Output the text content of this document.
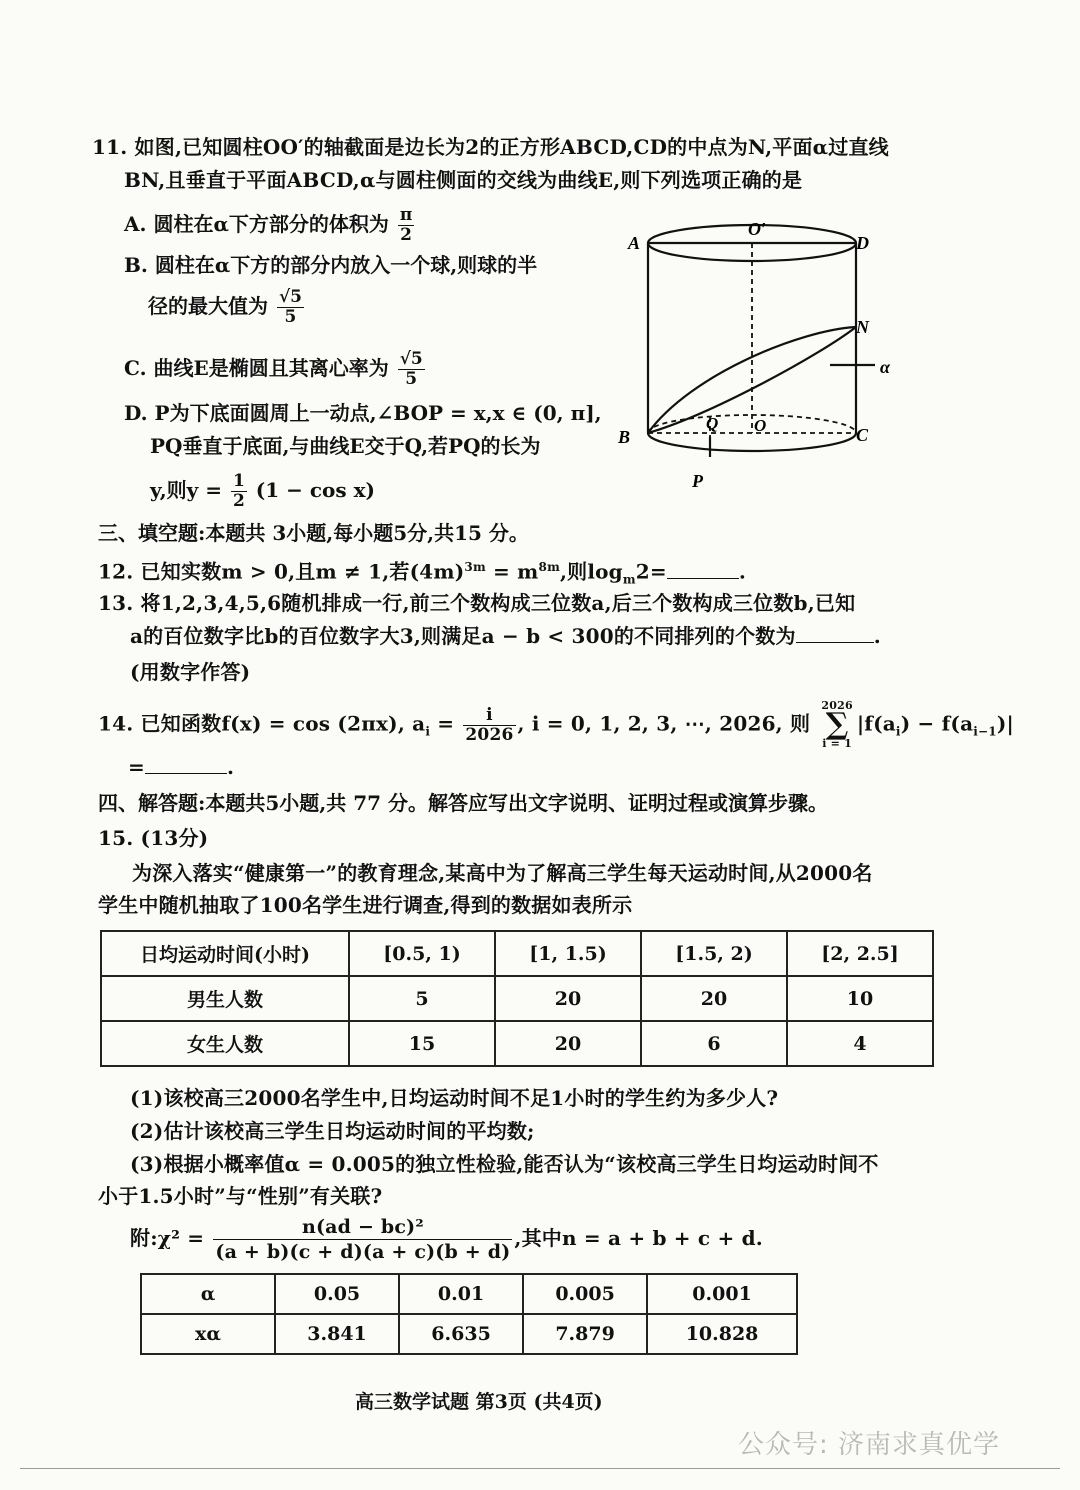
11. 如图,已知圆柱OO′的轴截面是边长为2的正方形ABCD,CD的中点为N,平面α过直线
BN,且垂直于平面ABCD,α与圆柱侧面的交线为曲线E,则下列选项正确的是
A. 圆柱在α下方部分的体积为 $\frac{\pi}{2}$
B. 圆柱在α下方的部分内放入一个球,则球的半
径的最大值为 $\frac{√5}{5}$
C. 曲线E是椭圆且其离心率为 $\frac{√5}{5}$
D. P为下底面圆周上一动点,∠BOP = x,x ∈ (0, π],
PQ垂直于底面,与曲线E交于Q,若PQ的长为
y,则$y = \frac{1}{2} (1 - \cos x)$
A
O′
D
N
α
B
Q O	C
P
三、填空题:本题共 3小题,每小题5分,共15 分。
12. 已知实数m > 0,且m ≠ 1,若$(4m)^{3m} = m^{8m}$,则$\log_m2=$	.
13. 将1,2,3,4,5,6随机排成一行,前三个数构成三位数a,后三个数构成三位数b,已知
a的百位数字比b的百位数字大3,则满足a − b < 300的不同排列的个数为	.
(用数字作答)
14. 已知函数f(x) = cos (2πx), $a_i = \frac{i}{2026}$ , i = 0, 1, 2, 3, ⋯, 2026, 则 2026
∑
$i = 1|f(a_i) - f(a_{i-1})|$
=	.
四、解答题:本题共5小题,共 77 分。解答应写出文字说明、证明过程或演算步骤。
15. (13分)
为深入落实“健康第一”的教育理念,某高中为了解高三学生每天运动时间,从2000名
学生中随机抽取了100名学生进行调查,得到的数据如表所示
日均运动时间(小时)	[0.5, 1)	[1, 1.5)	[1.5, 2)	[2, 2.5]
男生人数	5	20	20	10
女生人数	15	20	6	4
(1)该校高三2000名学生中,日均运动时间不足1小时的学生约为多少人?
(2)估计该校高三学生日均运动时间的平均数;
(3)根据小概率值α = 0.005的独立性检验,能否认为“该校高三学生日均运动时间不
小于1.5小时”与“性别”有关联?
附:χ² = $\frac{\text{n(ad − bc)²}}{(a + b)(c + d)(a + c)(b + d)}$ ,其中n = a + b + c + d.
α	0.05	0.01	0.005	0.001
xα	3.841	6.635	7.879	10.828
高三数学试题 第3页 (共4页)
公众号: 济南求真优学
